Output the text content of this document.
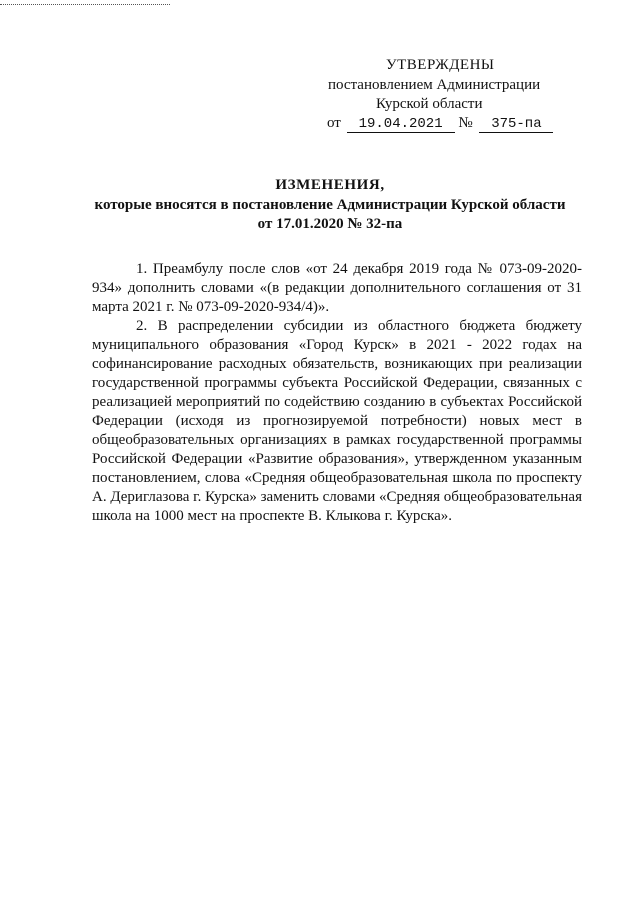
УТВЕРЖДЕНЫ
постановлением Администрации
Курской области
от 19.04.2021 № 375-па
ИЗМЕНЕНИЯ,
которые вносятся в постановление Администрации Курской области
от 17.01.2020 № 32-па

1. Преамбулу после слов «от 24 декабря 2019 года № 073-09-2020-934» дополнить словами «(в редакции дополнительного соглашения от 31 марта 2021 г. № 073-09-2020-934/4)».

2. В распределении субсидии из областного бюджета бюджету муниципального образования «Город Курск» в 2021 - 2022 годах на софинансирование расходных обязательств, возникающих при реализации государственной программы субъекта Российской Федерации, связанных с реализацией мероприятий по содействию созданию в субъектах Российской Федерации (исходя из прогнозируемой потребности) новых мест в общеобразовательных организациях в рамках государственной программы Российской Федерации «Развитие образования», утвержденном указанным постановлением, слова «Средняя общеобразовательная школа по проспекту А. Дериглазова г. Курска» заменить словами «Средняя общеобразовательная школа на 1000 мест на проспекте В. Клыкова г. Курска».
